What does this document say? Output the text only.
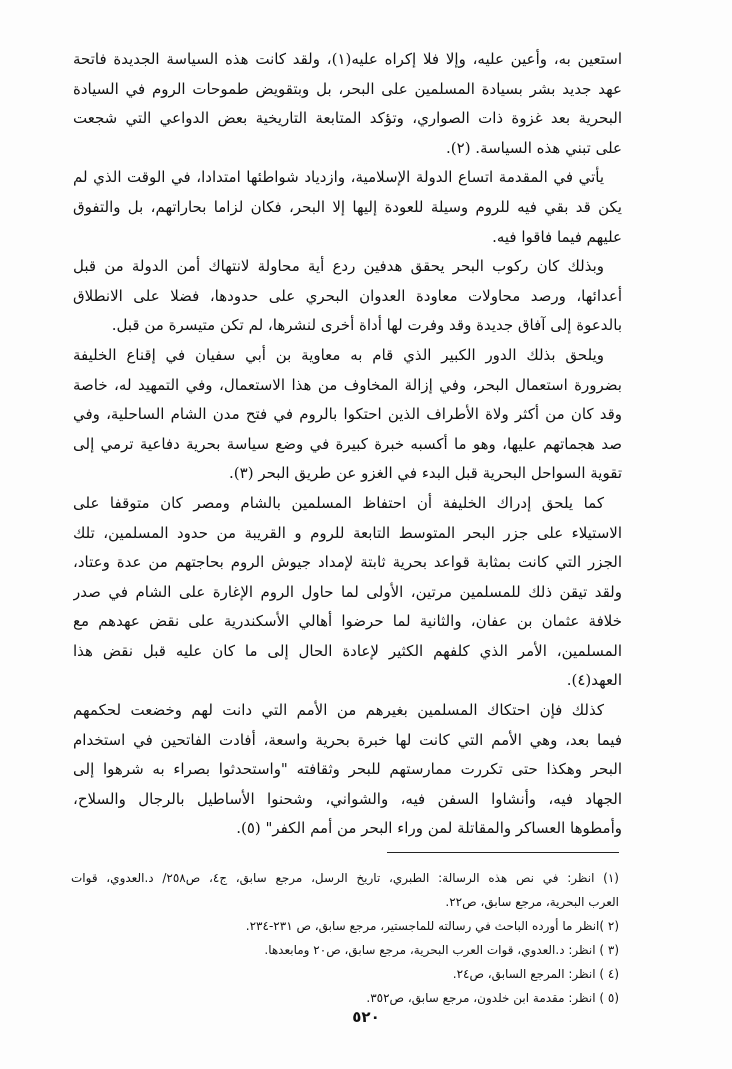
استعين به، وأعين عليه، وإلا فلا إكراه عليه(١)، ولقد كانت هذه السياسة الجديدة فاتحة
عهد جديد بشر بسيادة المسلمين على البحر، بل وبتقويض طموحات الروم في السيادة
البحرية بعد غزوة ذات الصواري، وتؤكد المتابعة التاريخية بعض الدواعي التي شجعت
على تبني هذه السياسة. (٢).
يأتي في المقدمة اتساع الدولة الإسلامية، وازدياد شواطئها امتدادا، في الوقت الذي لم
يكن قد بقي فيه للروم وسيلة للعودة إليها إلا البحر، فكان لزاما بحاراتهم، بل والتفوق
عليهم فيما فاقوا فيه.
وبذلك كان ركوب البحر يحقق هدفين ردع أية محاولة لانتهاك أمن الدولة من قبل
أعدائها، ورصد محاولات معاودة العدوان البحري على حدودها، فضلا على الانطلاق
بالدعوة إلى آفاق جديدة وقد وفرت لها أداة أخرى لنشرها، لم تكن متيسرة من قبل.
ويلحق بذلك الدور الكبير الذي قام به معاوية بن أبي سفيان في إقناع الخليفة
بضرورة استعمال البحر، وفي إزالة المخاوف من هذا الاستعمال، وفي التمهيد له، خاصة
وقد كان من أكثر ولاة الأطراف الذين احتكوا بالروم في فتح مدن الشام الساحلية، وفي
صد هجماتهم عليها، وهو ما أكسبه خبرة كبيرة في وضع سياسة بحرية دفاعية ترمي إلى
تقوية السواحل البحرية قبل البدء في الغزو عن طريق البحر (٣).
كما يلحق إدراك الخليفة أن احتفاظ المسلمين بالشام ومصر كان متوقفا على
الاستيلاء على جزر البحر المتوسط التابعة للروم و القريبة من حدود المسلمين، تلك
الجزر التي كانت بمثابة قواعد بحرية ثابتة لإمداد جيوش الروم بحاجتهم من عدة وعتاد،
ولقد تيقن ذلك للمسلمين مرتين، الأولى لما حاول الروم الإغارة على الشام في صدر
خلافة عثمان بن عفان، والثانية لما حرضوا أهالي الأسكندرية على نقض عهدهم مع
المسلمين، الأمر الذي كلفهم الكثير لإعادة الحال إلى ما كان عليه قبل نقض هذا
العهد(٤).
كذلك فإن احتكاك المسلمين بغيرهم من الأمم التي دانت لهم وخضعت لحكمهم
فيما بعد، وهي الأمم التي كانت لها خبرة بحرية واسعة، أفادت الفاتحين في استخدام
البحر وهكذا حتى تكررت ممارستهم للبحر وثقافته "واستحدثوا بصراء به شرهوا إلى
الجهاد فيه، وأنشاوا السفن فيه، والشواني، وشحنوا الأساطيل بالرجال والسلاح،
وأمطوها العساكر والمقاتلة لمن وراء البحر من أمم الكفر" (٥).
(١) انظر: في نص هذه الرسالة: الطبري، تاريخ الرسل، مرجع سابق، ج٤، ص٢٥٨/ د.العدوي، قوات
العرب البحرية، مرجع سابق، ص٢٢.
(٢ )انظر ما أورده الباحث في رسالته للماجستير، مرجع سابق، ص ٢٣١-٢٣٤.
(٣ ) انظر: د.العدوي، قوات العرب البحرية، مرجع سابق، ص٢٠ ومابعدها.
(٤ ) انظر: المرجع السابق، ص٢٤.
(٥ ) انظر: مقدمة ابن خلدون، مرجع سابق، ص٣٥٢.
٥٢٠
